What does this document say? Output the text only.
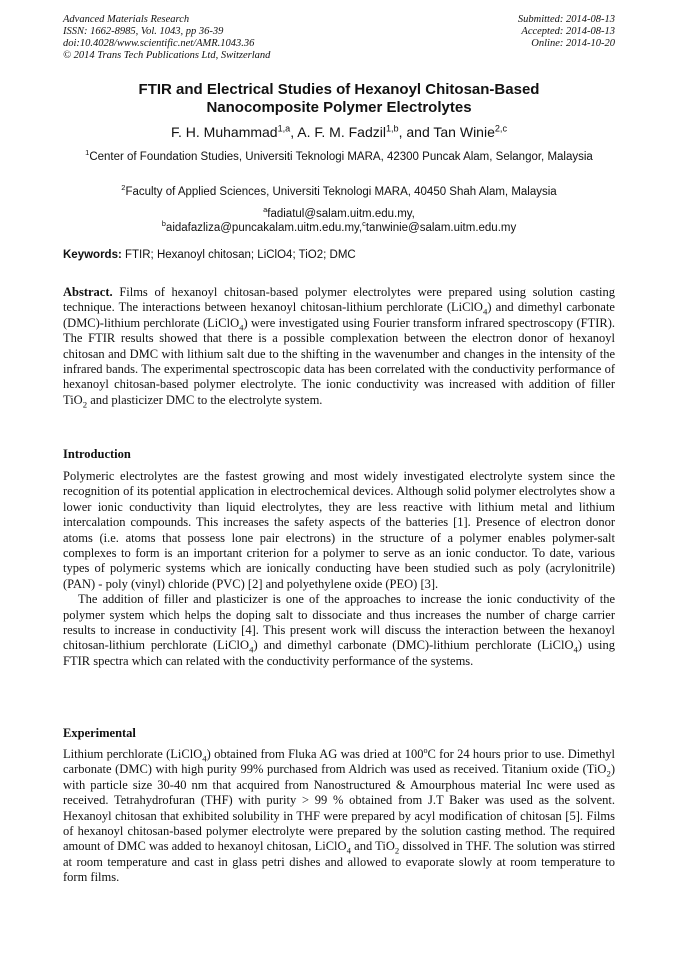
Advanced Materials Research
ISSN: 1662-8985, Vol. 1043, pp 36-39
doi:10.4028/www.scientific.net/AMR.1043.36
© 2014 Trans Tech Publications Ltd, Switzerland
Submitted: 2014-08-13
Accepted: 2014-08-13
Online: 2014-10-20
FTIR and Electrical Studies of Hexanoyl Chitosan-Based
Nanocomposite Polymer Electrolytes
F. H. Muhammad$^{1,a}$, A. F. M. Fadzil$^{1,b}$, and Tan Winie$^{2,c}$
$^1$Center of Foundation Studies, Universiti Teknologi MARA, 42300 Puncak Alam, Selangor, Malaysia
$^2$Faculty of Applied Sciences, Universiti Teknologi MARA, 40450 Shah Alam, Malaysia
$^a$fadiatul@salam.uitm.edu.my,
$^b$aidafazliza@puncakalam.uitm.edu.my,$^c$tanwinie@salam.uitm.edu.my
Keywords: FTIR; Hexanoyl chitosan; LiClO4; TiO2; DMC

Abstract. Films of hexanoyl chitosan-based polymer electrolytes were prepared using solution casting technique. The interactions between hexanoyl chitosan-lithium perchlorate (LiClO$_4$) and dimethyl carbonate (DMC)-lithium perchlorate (LiClO$_4$) were investigated using Fourier transform infrared spectroscopy (FTIR). The FTIR results showed that there is a possible complexation between the electron donor of hexanoyl chitosan and DMC with lithium salt due to the shifting in the wavenumber and changes in the intensity of the infrared bands. The experimental spectroscopic data has been correlated with the conductivity performance of hexanoyl chitosan-based polymer electrolyte. The ionic conductivity was increased with addition of filler TiO$_2$ and plasticizer DMC to the electrolyte system.

Introduction

Polymeric electrolytes are the fastest growing and most widely investigated electrolyte system since the recognition of its potential application in electrochemical devices. Although solid polymer electrolytes show a lower ionic conductivity than liquid electrolytes, they are less reactive with lithium metal and lithium intercalation compounds. This increases the safety aspects of the batteries [1]. Presence of electron donor atoms (i.e. atoms that possess lone pair electrons) in the structure of a polymer enables polymer-salt complexes to form is an important criterion for a polymer to serve as an ionic conductor. To date, various types of polymeric systems which are ionically conducting have been studied such as poly (acrylonitrile) (PAN) - poly (vinyl) chloride (PVC) [2] and polyethylene oxide (PEO) [3].

The addition of filler and plasticizer is one of the approaches to increase the ionic conductivity of the polymer system which helps the doping salt to dissociate and thus increases the number of charge carrier results to increase in conductivity [4]. This present work will discuss the interaction between the hexanoyl chitosan-lithium perchlorate (LiClO$_4$) and dimethyl carbonate (DMC)-lithium perchlorate (LiClO$_4$) using FTIR spectra which can related with the conductivity performance of the systems.

Experimental

Lithium perchlorate (LiClO$_4$) obtained from Fluka AG was dried at 100$^o$C for 24 hours prior to use. Dimethyl carbonate (DMC) with high purity 99% purchased from Aldrich was used as received. Titanium oxide (TiO$_2$) with particle size 30-40 nm that acquired from Nanostructured & Amourphous material Inc were used as received. Tetrahydrofuran (THF) with purity > 99 % obtained from J.T Baker was used as the solvent. Hexanoyl chitosan that exhibited solubility in THF were prepared by acyl modification of chitosan [5]. Films of hexanoyl chitosan-based polymer electrolyte were prepared by the solution casting method. The required amount of DMC was added to hexanoyl chitosan, LiClO$_4$ and TiO$_2$ dissolved in THF. The solution was stirred at room temperature and cast in glass petri dishes and allowed to evaporate slowly at room temperature to form films.
